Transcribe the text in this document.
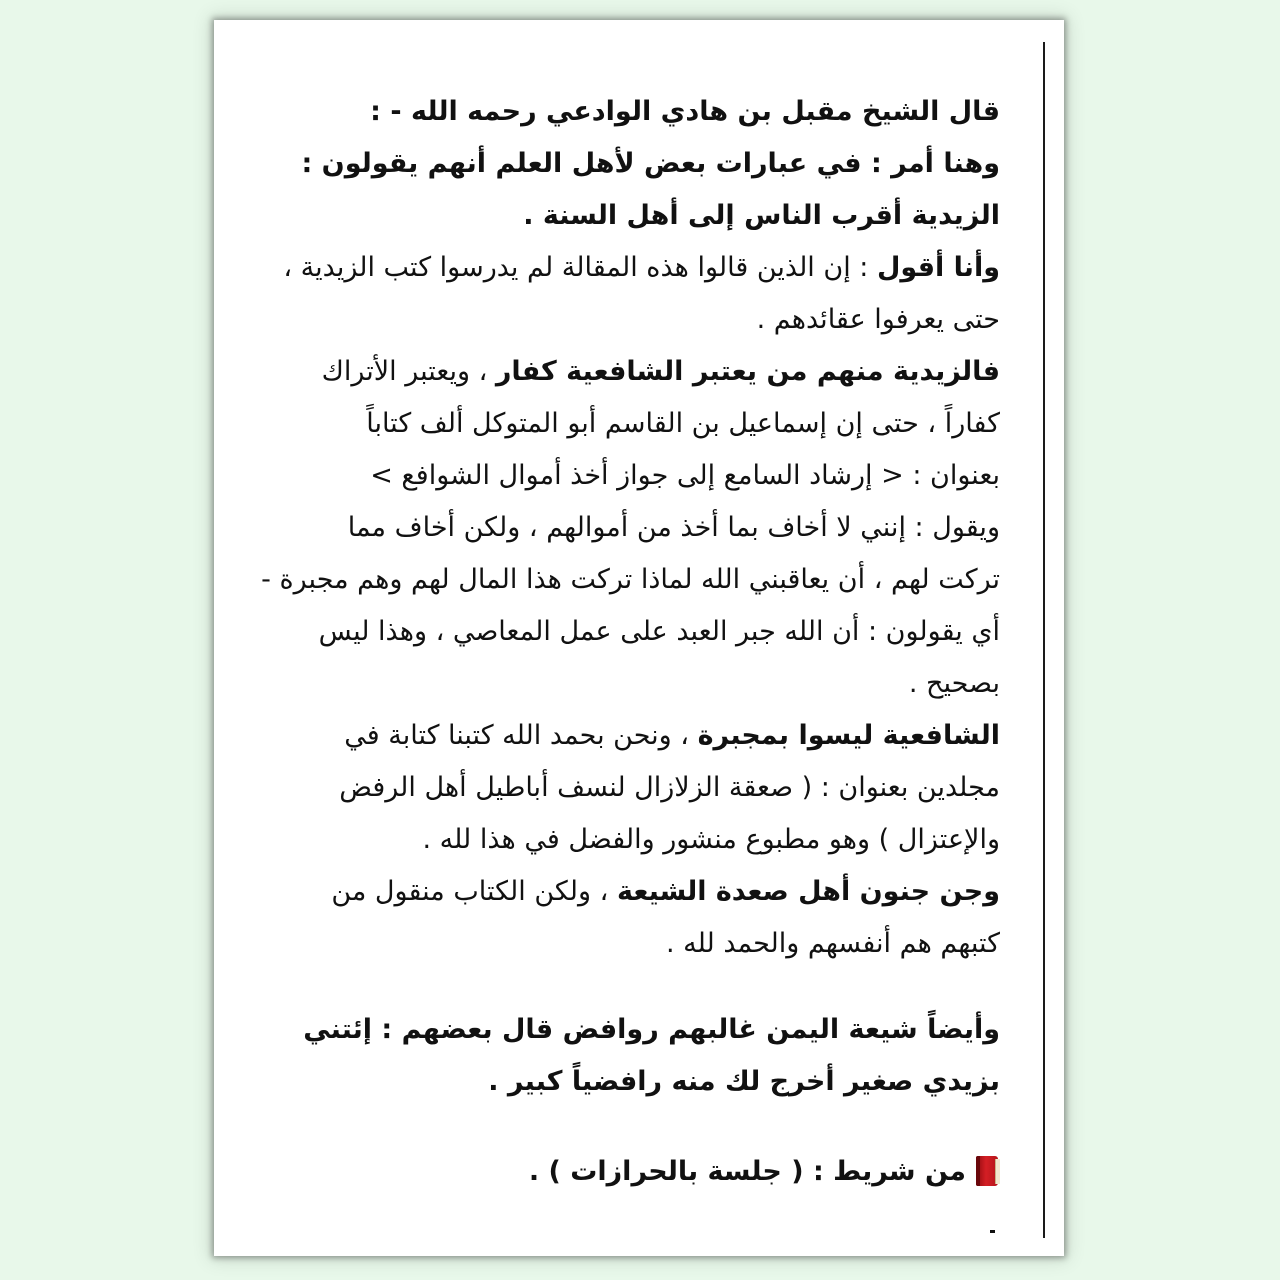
قال الشيخ مقبل بن هادي الوادعي رحمه الله - :
وهنا أمر : في عبارات بعض لأهل العلم أنهم يقولون :
الزيدية أقرب الناس إلى أهل السنة .
وأنا أقول : إن الذين قالوا هذه المقالة لم يدرسوا كتب الزيدية ،
حتى يعرفوا عقائدهم .
فالزيدية منهم من يعتبر الشافعية كفار ، ويعتبر الأتراك
كفاراً ، حتى إن إسماعيل بن القاسم أبو المتوكل ألف كتاباً
بعنوان : < إرشاد السامع إلى جواز أخذ أموال الشوافع >
ويقول : إنني لا أخاف بما أخذ من أموالهم ، ولكن أخاف مما
تركت لهم ، أن يعاقبني الله لماذا تركت هذا المال لهم وهم مجبرة -
أي يقولون : أن الله جبر العبد على عمل المعاصي ، وهذا ليس
بصحيح .
الشافعية ليسوا بمجبرة ، ونحن بحمد الله كتبنا كتابة في
مجلدين بعنوان : ( صعقة الزلازال لنسف أباطيل أهل الرفض
والإعتزال ) وهو مطبوع منشور والفضل في هذا لله .
وجن جنون أهل صعدة الشيعة ، ولكن الكتاب منقول من
كتبهم هم أنفسهم والحمد لله .
وأيضاً شيعة اليمن غالبهم روافض قال بعضهم : إئتني
بزيدي صغير أخرج لك منه رافضياً كبير .
من شريط : ( جلسة بالحرازات ) .
